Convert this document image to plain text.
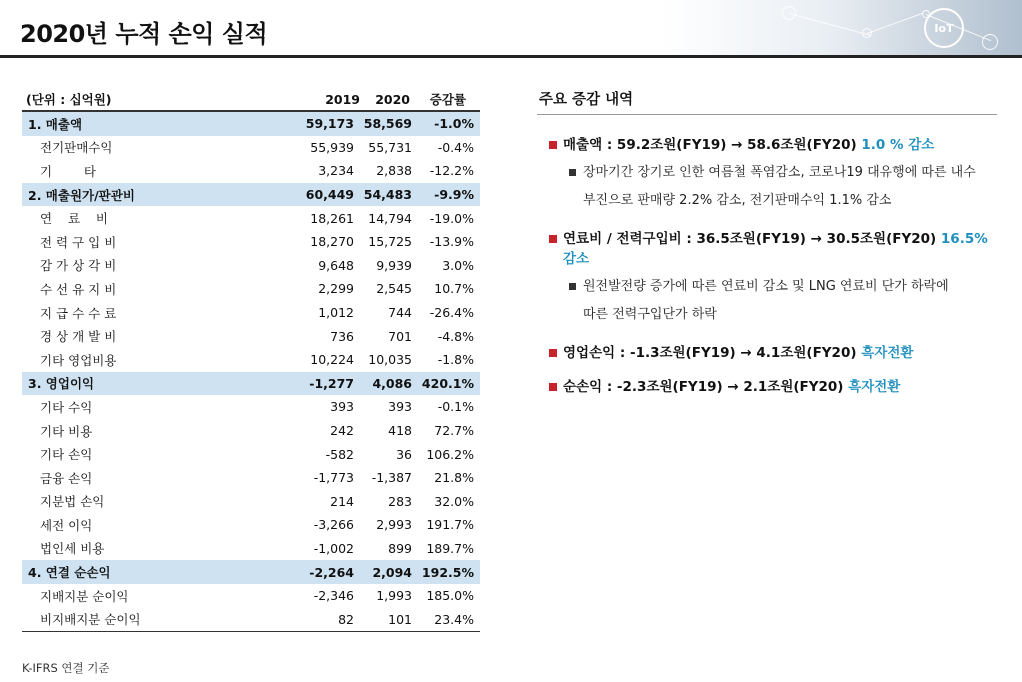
IoT
2020년 누적 손익 실적
(단위 : 십억원)	2019 2020 증감률
1. 매출액	59,173 58,569 -1.0%
전기판매수익	55,939 55,731 -0.4%
기        타	3,234 2,838 -12.2%
2. 매출원가/판관비	60,449 54,483 -9.9%
연    료    비	18,261 14,794 -19.0%
전 력 구 입 비	18,270 15,725 -13.9%
감 가 상 각 비	9,648 9,939 3.0%
수 선 유 지 비	2,299 2,545 10.7%
지 급 수 수 료	1,012	744 -26.4%
경 상 개 발 비	736	701 -4.8%
기타 영업비용	10,224 10,035 -1.8%
3. 영업이익	-1,277 4,086 420.1%
기타 수익	393	393 -0.1%
기타 비용	242	418 72.7%
기타 손익	-582	36 106.2%
금융 손익	-1,773 -1,387 21.8%
지분법 손익	214	283 32.0%
세전 이익	-3,266 2,993 191.7%
법인세 비용	-1,002	899 189.7%
4. 연결 순손익	-2,264 2,094 192.5%
지배지분 순이익	-2,346 1,993 185.0%
비지배지분 순이익	82	101 23.4%
주요 증감 내역
매출액 : 59.2조원(FY19) → 58.6조원(FY20) 1.0 % 감소
장마기간 장기로 인한 여름철 폭염감소, 코로나19 대유행에 따른 내수
부진으로 판매량 2.2% 감소, 전기판매수익 1.1% 감소
연료비 / 전력구입비 : 36.5조원(FY19) → 30.5조원(FY20) 16.5% 감소
원전발전량 증가에 따른 연료비 감소 및 LNG 연료비 단가 하락에
따른 전력구입단가 하락
영업손익 : -1.3조원(FY19) → 4.1조원(FY20) 흑자전환
순손익 : -2.3조원(FY19) → 2.1조원(FY20) 흑자전환
K-IFRS 연결 기준
